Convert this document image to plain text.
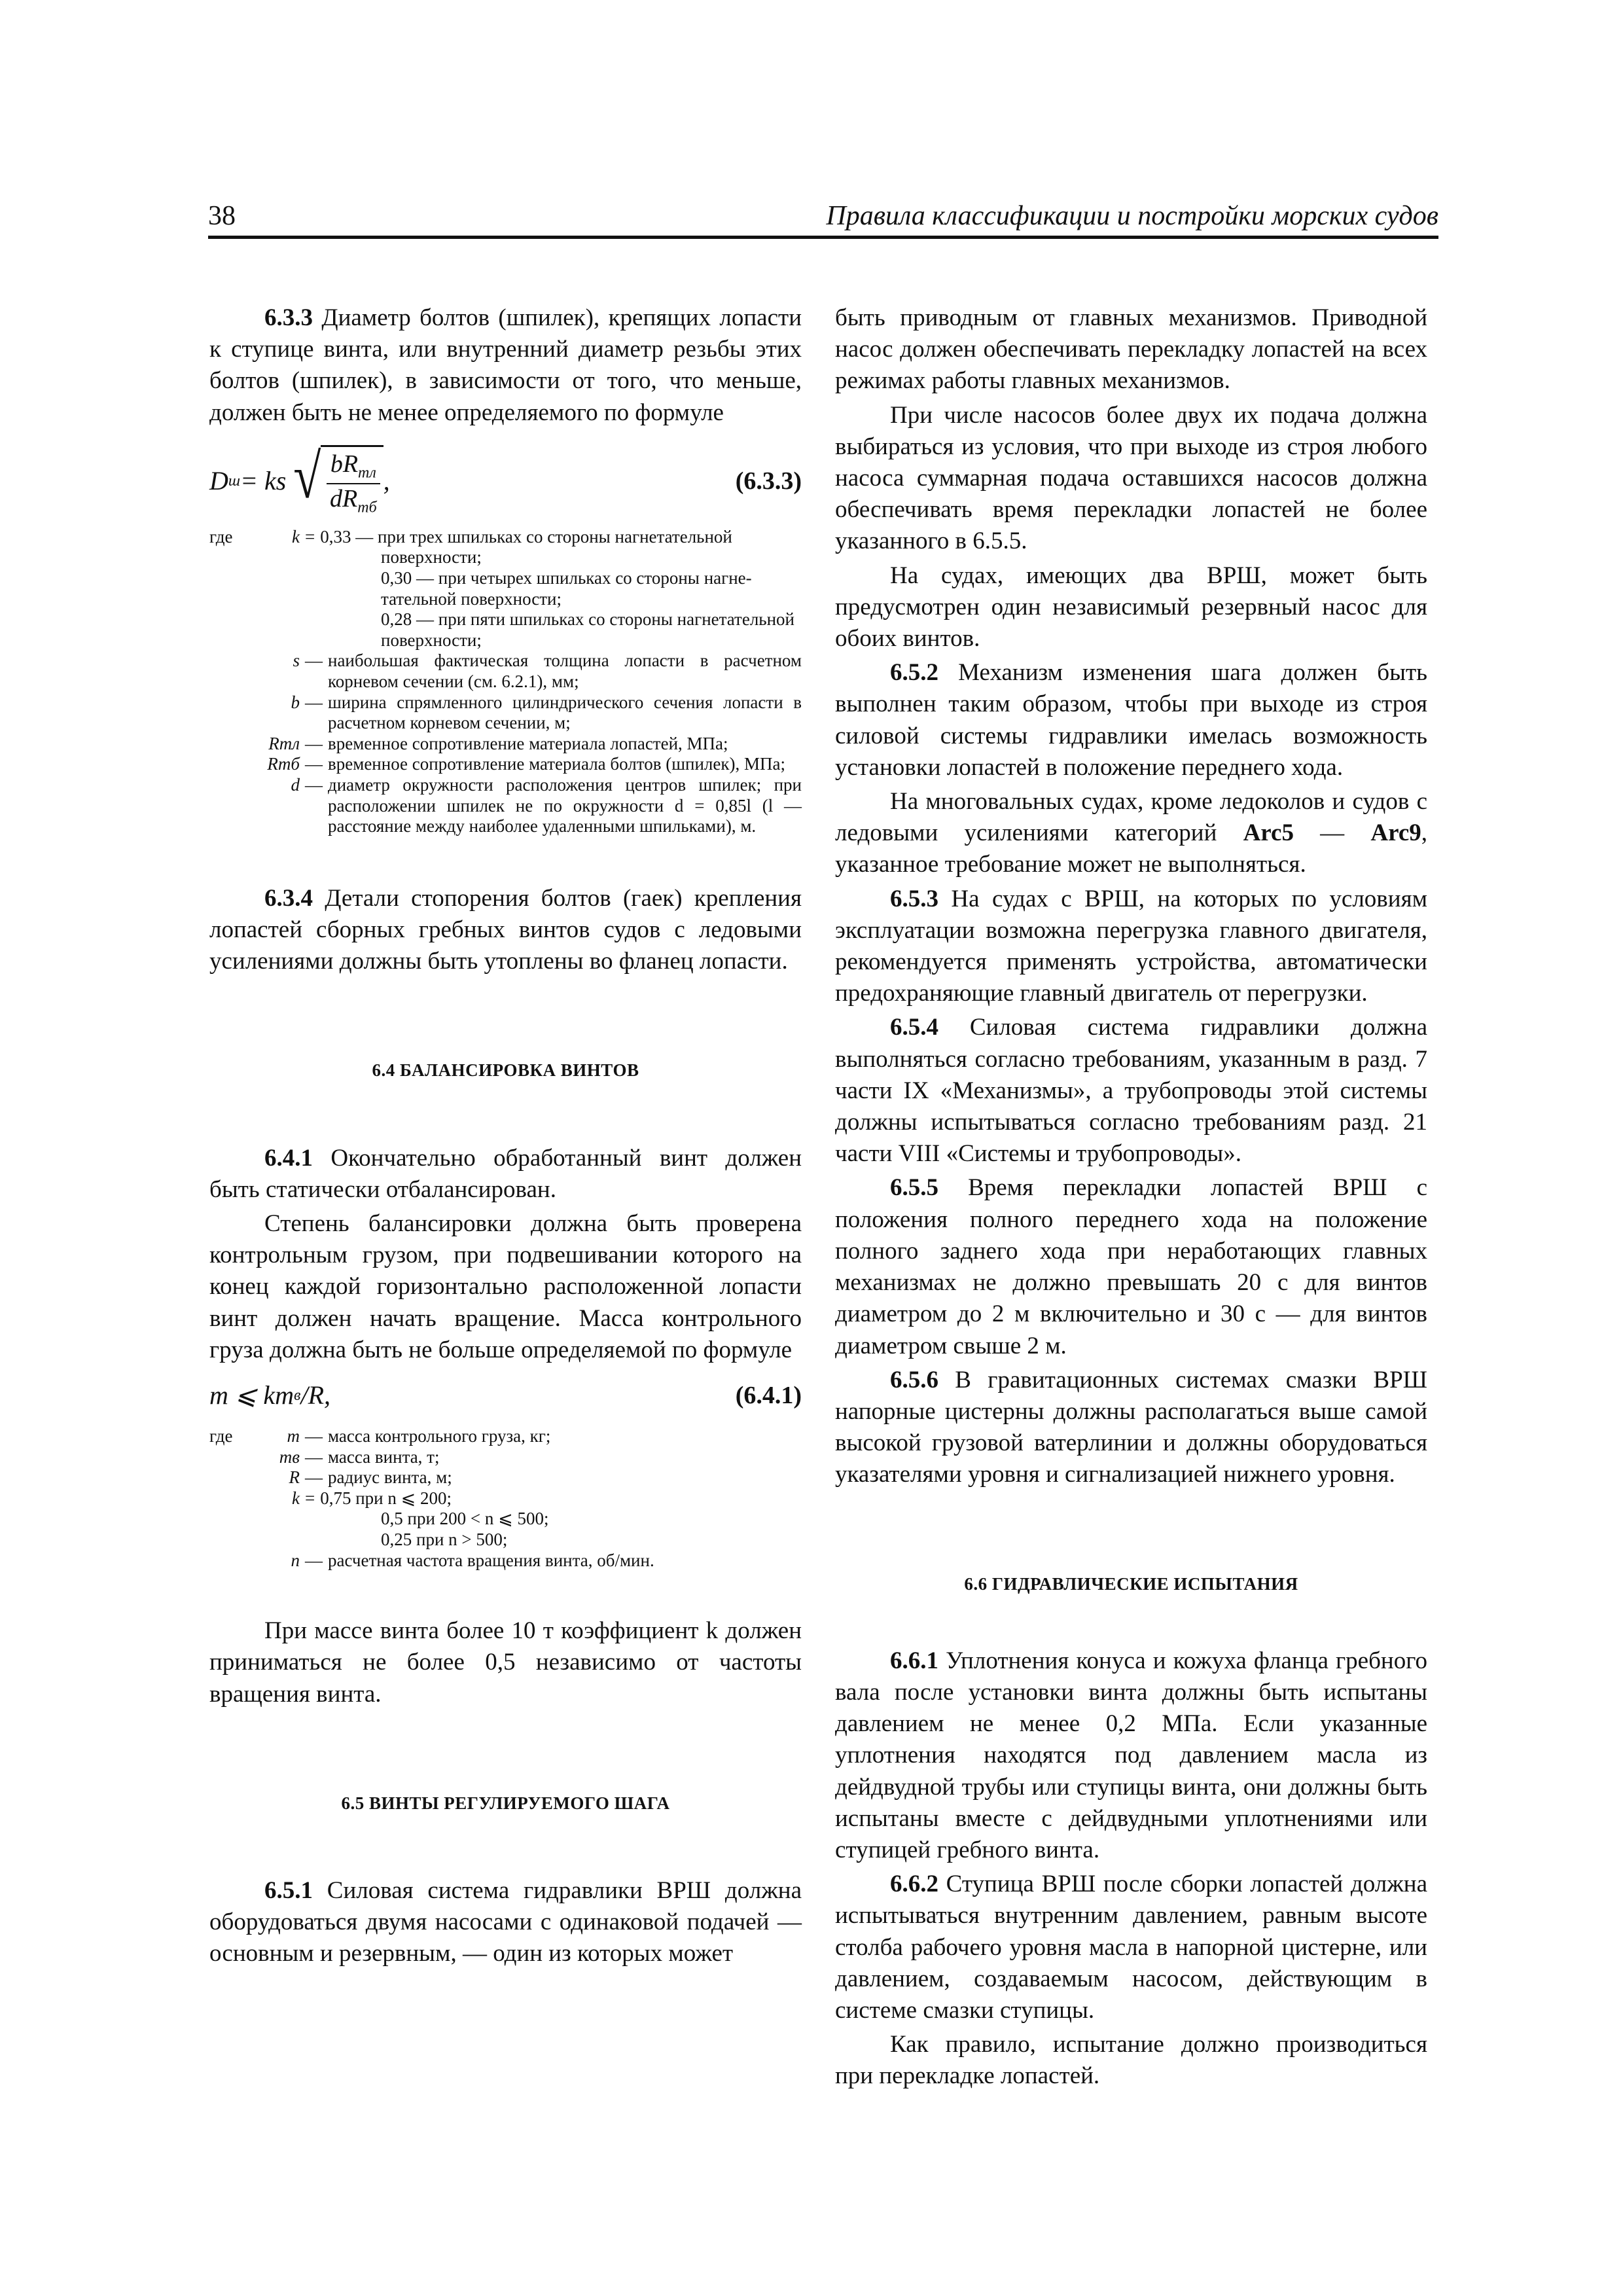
38	Правила классификации и постройки морских судов

6.3.3 Диаметр болтов (шпилек), крепящих лопасти к ступице винта, или внутренний диаметр резьбы этих болтов (шпилек), в зависимости от того, что меньше, должен быть не менее определяемого по формуле

D ш = ks √ $\frac{bR_{тл}}{dR_{тб}}$ ,	(6.3.3)
где	k = 0,33 — при трех шпильках со стороны нагнетательной
поверхности;
0,30 — при четырех шпильках со стороны нагне-
тательной поверхности;
0,28 — при пяти шпильках со стороны нагнетательной
поверхности;
s — наибольшая фактическая толщина лопасти в расчетном корневом сечении (см. 6.2.1), мм;
b — ширина спрямленного цилиндрического сечения лопасти в расчетном корневом сечении, м;
Rтл — временное сопротивление материала лопастей, МПа;
Rтб — временное сопротивление материала болтов (шпилек), МПа;
d — диаметр окружности расположения центров шпилек; при расположении шпилек не по окружности d = 0,85l (l — расстояние между наиболее удаленными шпильками), м.

6.3.4 Детали стопорения болтов (гаек) крепления лопастей сборных гребных винтов судов с ледовыми усилениями должны быть утоплены во фланец лопасти.

6.4 БАЛАНСИРОВКА ВИНТОВ

6.4.1 Окончательно обработанный винт должен быть статически отбалансирован.

Степень балансировки должна быть проверена контрольным грузом, при подвешивании которого на конец каждой горизонтально расположенной лопасти винт должен начать вращение. Масса контрольного груза должна быть не больше определяемой по формуле

m ⩽ km в /R,	(6.4.1)
где	m — масса контрольного груза, кг;
mв — масса винта, т;
R — радиус винта, м;
k = 0,75 при n ⩽ 200;
0,5 при 200 < n ⩽ 500;
0,25 при n > 500;
n — расчетная частота вращения винта, об/мин.

При массе винта более 10 т коэффициент k должен приниматься не более 0,5 независимо от частоты вращения винта.

6.5 ВИНТЫ РЕГУЛИРУЕМОГО ШАГА

6.5.1 Силовая система гидравлики ВРШ должна оборудоваться двумя насосами с одинаковой подачей — основным и резервным, — один из которых может

быть приводным от главных механизмов. Приводной насос должен обеспечивать перекладку лопастей на всех режимах работы главных механизмов.

При числе насосов более двух их подача должна выбираться из условия, что при выходе из строя любого насоса суммарная подача оставшихся насосов должна обеспечивать время перекладки лопастей не более указанного в 6.5.5.

На судах, имеющих два ВРШ, может быть предусмотрен один независимый резервный насос для обоих винтов.

6.5.2 Механизм изменения шага должен быть выполнен таким образом, чтобы при выходе из строя силовой системы гидравлики имелась возможность установки лопастей в положение переднего хода.

На многовальных судах, кроме ледоколов и судов с ледовыми усилениями категорий Arc5 — Arc9, указанное требование может не выполняться.

6.5.3 На судах с ВРШ, на которых по условиям эксплуатации возможна перегрузка главного двигателя, рекомендуется применять устройства, автоматически предохраняющие главный двигатель от перегрузки.

6.5.4 Силовая система гидравлики должна выполняться согласно требованиям, указанным в разд. 7 части IX «Механизмы», а трубопроводы этой системы должны испытываться согласно требованиям разд. 21 части VIII «Системы и трубопроводы».

6.5.5 Время перекладки лопастей ВРШ с положения полного переднего хода на положение полного заднего хода при неработающих главных механизмах не должно превышать 20 с для винтов диаметром до 2 м включительно и 30 с — для винтов диаметром свыше 2 м.

6.5.6 В гравитационных системах смазки ВРШ напорные цистерны должны располагаться выше самой высокой грузовой ватерлинии и должны оборудоваться указателями уровня и сигнализацией нижнего уровня.

6.6 ГИДРАВЛИЧЕСКИЕ ИСПЫТАНИЯ

6.6.1 Уплотнения конуса и кожуха фланца гребного вала после установки винта должны быть испытаны давлением не менее 0,2 МПа. Если указанные уплотнения находятся под давлением масла из дейдвудной трубы или ступицы винта, они должны быть испытаны вместе с дейдвудными уплотнениями или ступицей гребного винта.

6.6.2 Ступица ВРШ после сборки лопастей должна испытываться внутренним давлением, равным высоте столба рабочего уровня масла в напорной цистерне, или давлением, создаваемым насосом, действующим в системе смазки ступицы.

Как правило, испытание должно производиться при перекладке лопастей.
